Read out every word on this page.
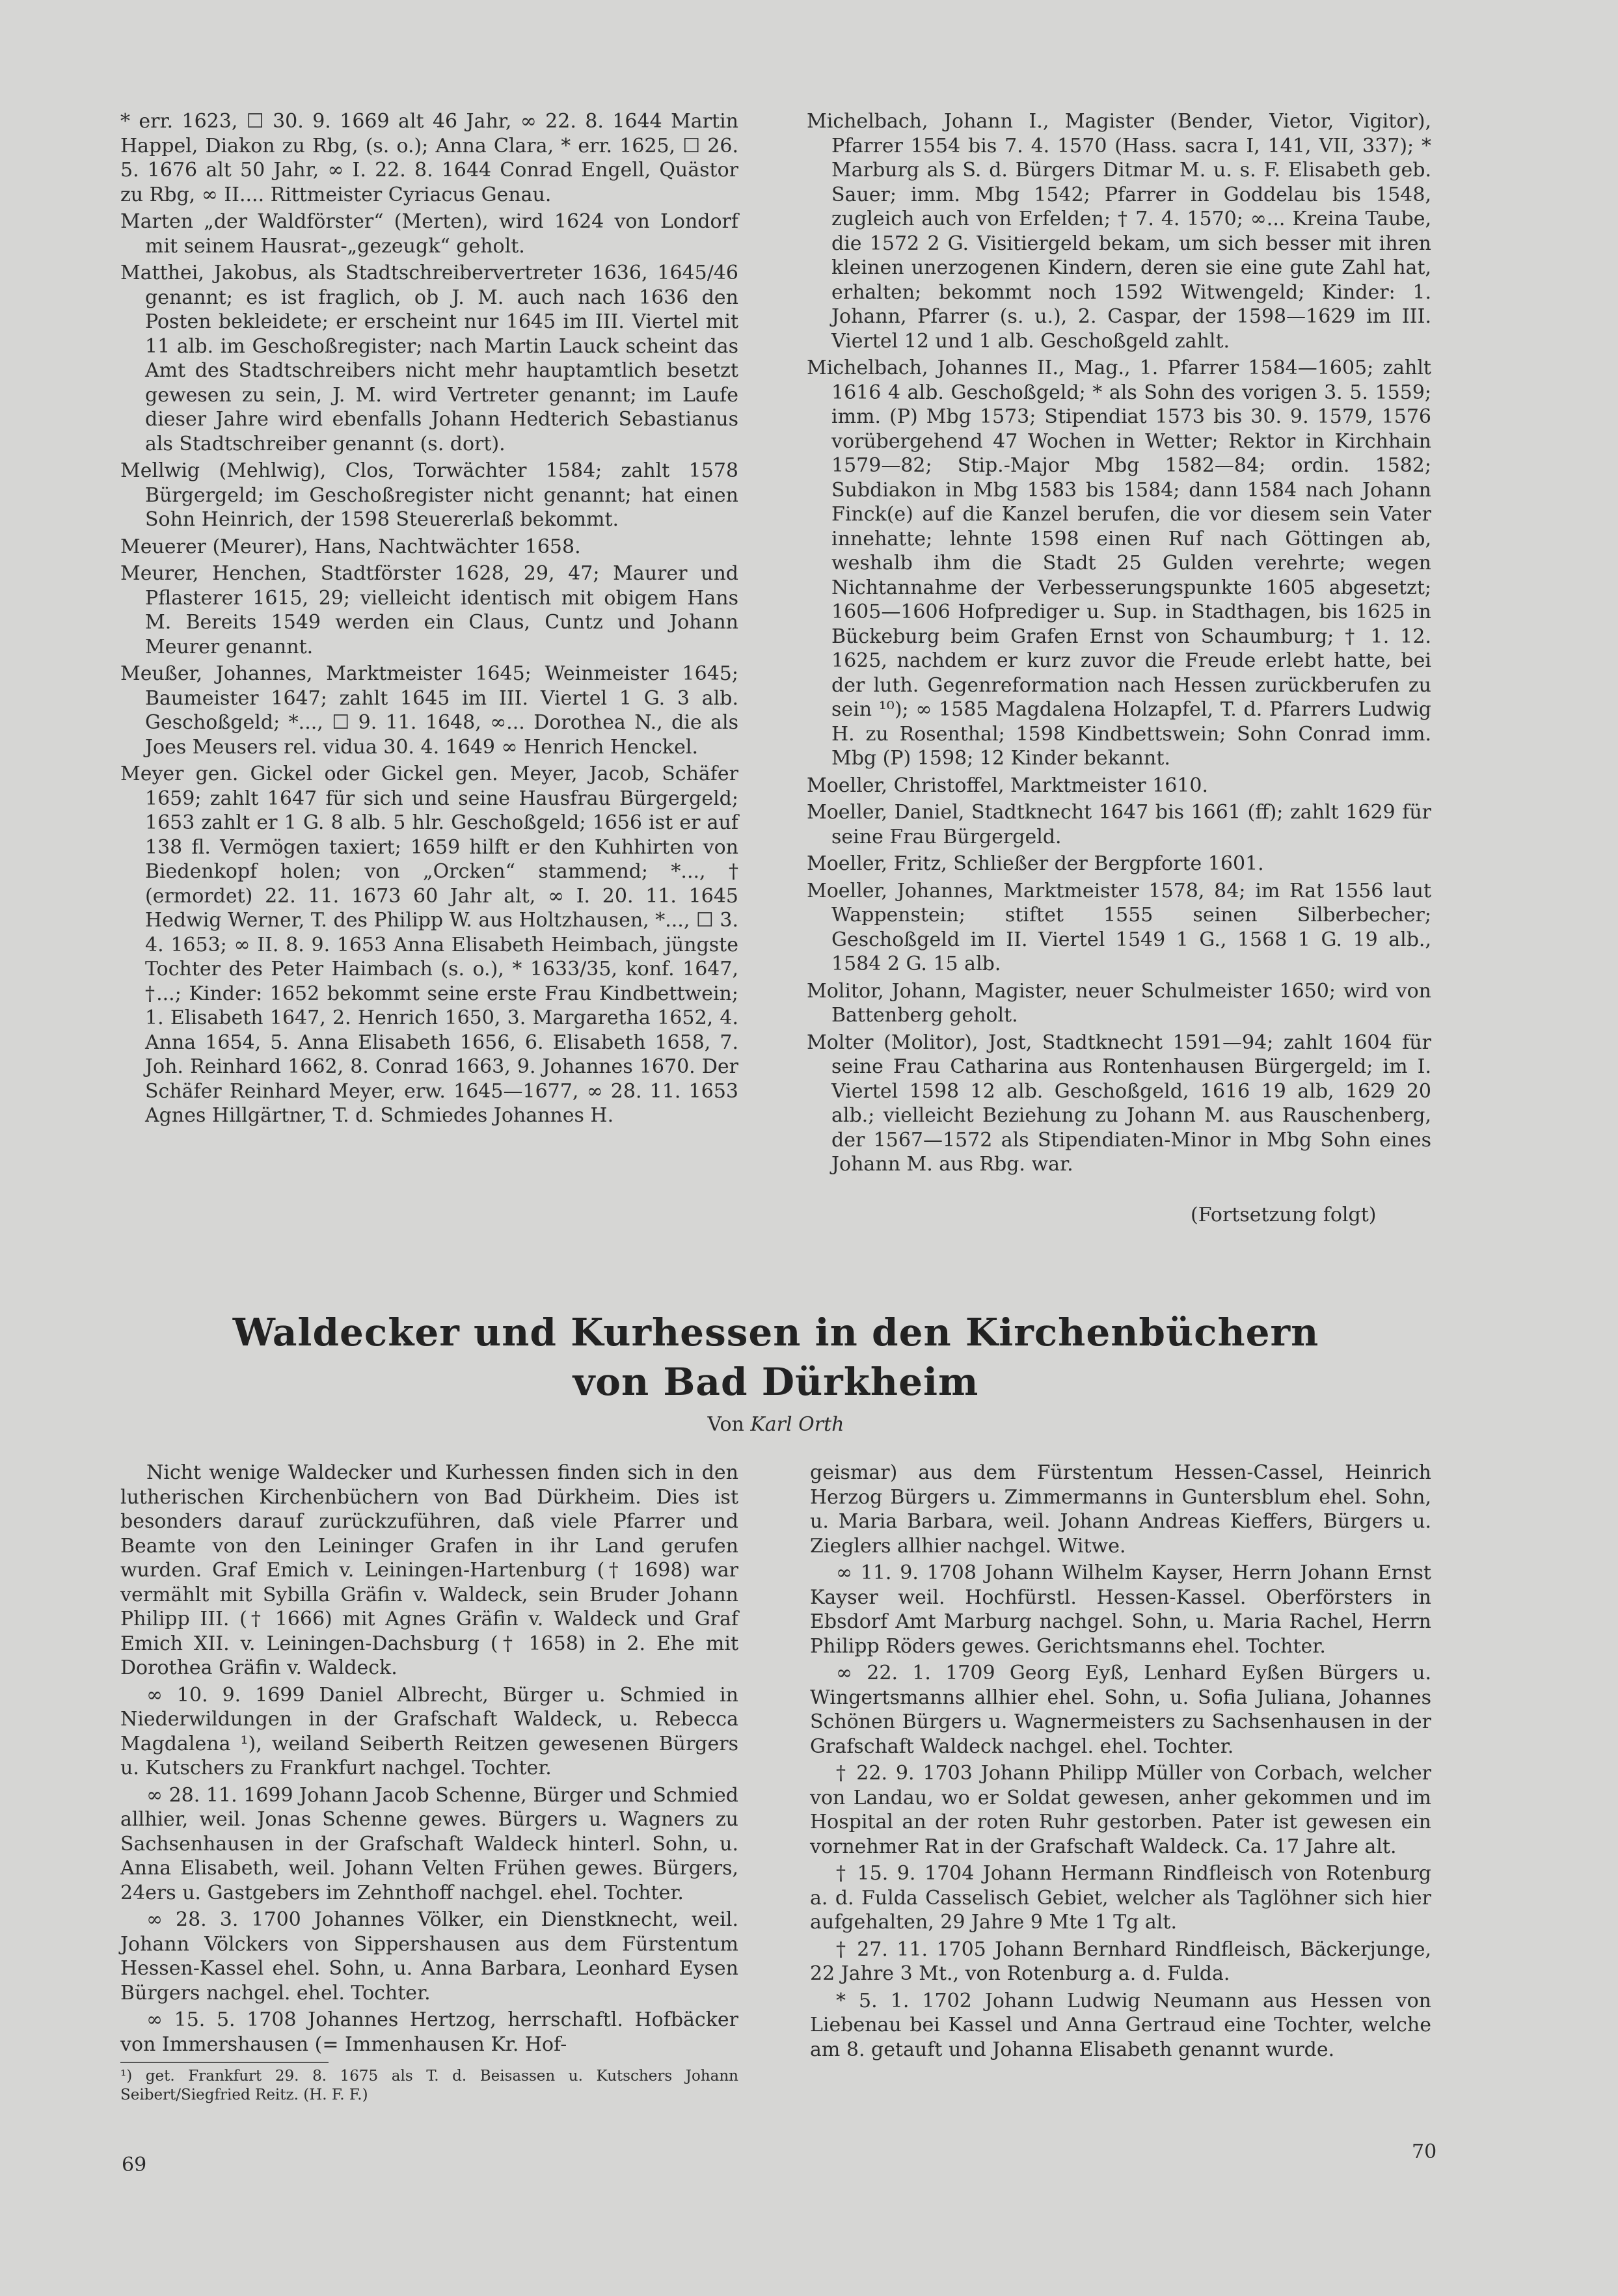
* err. 1623, ☐ 30. 9. 1669 alt 46 Jahr, ∞ 22. 8. 1644 Martin Happel, Diakon zu Rbg, (s. o.); Anna Clara, * err. 1625, ☐ 26. 5. 1676 alt 50 Jahr, ∞ I. 22. 8. 1644 Conrad Engell, Quästor zu Rbg, ∞ II.... Rittmeister Cyriacus Genau.

Marten „der Waldförster“ (Merten), wird 1624 von Londorf mit seinem Hausrat-„gezeugk“ geholt.

Matthei, Jakobus, als Stadtschreibervertreter 1636, 1645/46 genannt; es ist fraglich, ob J. M. auch nach 1636 den Posten bekleidete; er erscheint nur 1645 im III. Viertel mit 11 alb. im Geschoßregister; nach Martin Lauck scheint das Amt des Stadtschreibers nicht mehr hauptamtlich besetzt gewesen zu sein, J. M. wird Vertreter genannt; im Laufe dieser Jahre wird ebenfalls Johann Hedterich Sebastianus als Stadtschreiber genannt (s. dort).

Mellwig (Mehlwig), Clos, Torwächter 1584; zahlt 1578 Bürgergeld; im Geschoßregister nicht genannt; hat einen Sohn Heinrich, der 1598 Steuererlaß bekommt.

Meuerer (Meurer), Hans, Nachtwächter 1658.

Meurer, Henchen, Stadtförster 1628, 29, 47; Maurer und Pflasterer 1615, 29; vielleicht identisch mit obigem Hans M. Bereits 1549 werden ein Claus, Cuntz und Johann Meurer genannt.

Meußer, Johannes, Marktmeister 1645; Weinmeister 1645; Baumeister 1647; zahlt 1645 im III. Viertel 1 G. 3 alb. Geschoßgeld; *..., ☐ 9. 11. 1648, ∞... Dorothea N., die als Joes Meusers rel. vidua 30. 4. 1649 ∞ Henrich Henckel.

Meyer gen. Gickel oder Gickel gen. Meyer, Jacob, Schäfer 1659; zahlt 1647 für sich und seine Hausfrau Bürgergeld; 1653 zahlt er 1 G. 8 alb. 5 hlr. Geschoßgeld; 1656 ist er auf 138 fl. Vermögen taxiert; 1659 hilft er den Kuhhirten von Biedenkopf holen; von „Orcken“ stammend; *..., † (ermordet) 22. 11. 1673 60 Jahr alt, ∞ I. 20. 11. 1645 Hedwig Werner, T. des Philipp W. aus Holtzhausen, *..., ☐ 3. 4. 1653; ∞ II. 8. 9. 1653 Anna Elisabeth Heimbach, jüngste Tochter des Peter Haimbach (s. o.), * 1633/35, konf. 1647, †...; Kinder: 1652 bekommt seine erste Frau Kindbettwein; 1. Elisabeth 1647, 2. Henrich 1650, 3. Margaretha 1652, 4. Anna 1654, 5. Anna Elisabeth 1656, 6. Elisabeth 1658, 7. Joh. Reinhard 1662, 8. Conrad 1663, 9. Johannes 1670. Der Schäfer Reinhard Meyer, erw. 1645—1677, ∞ 28. 11. 1653 Agnes Hillgärtner, T. d. Schmiedes Johannes H.

Michelbach, Johann I., Magister (Bender, Vietor, Vigitor), Pfarrer 1554 bis 7. 4. 1570 (Hass. sacra I, 141, VII, 337); * Marburg als S. d. Bürgers Ditmar M. u. s. F. Elisabeth geb. Sauer; imm. Mbg 1542; Pfarrer in Goddelau bis 1548, zugleich auch von Erfelden; † 7. 4. 1570; ∞... Kreina Taube, die 1572 2 G. Visitiergeld bekam, um sich besser mit ihren kleinen unerzogenen Kindern, deren sie eine gute Zahl hat, erhalten; bekommt noch 1592 Witwengeld; Kinder: 1. Johann, Pfarrer (s. u.), 2. Caspar, der 1598—1629 im III. Viertel 12 und 1 alb. Geschoßgeld zahlt.

Michelbach, Johannes II., Mag., 1. Pfarrer 1584—1605; zahlt 1616 4 alb. Geschoßgeld; * als Sohn des vorigen 3. 5. 1559; imm. (P) Mbg 1573; Stipendiat 1573 bis 30. 9. 1579, 1576 vorübergehend 47 Wochen in Wetter; Rektor in Kirchhain 1579—82; Stip.-Major Mbg 1582—84; ordin. 1582; Subdiakon in Mbg 1583 bis 1584; dann 1584 nach Johann Finck(e) auf die Kanzel berufen, die vor diesem sein Vater innehatte; lehnte 1598 einen Ruf nach Göttingen ab, weshalb ihm die Stadt 25 Gulden verehrte; wegen Nichtannahme der Verbesserungspunkte 1605 abgesetzt; 1605—1606 Hofprediger u. Sup. in Stadthagen, bis 1625 in Bückeburg beim Grafen Ernst von Schaumburg; † 1. 12. 1625, nachdem er kurz zuvor die Freude erlebt hatte, bei der luth. Gegenreformation nach Hessen zurückberufen zu sein ¹⁰); ∞ 1585 Magdalena Holzapfel, T. d. Pfarrers Ludwig H. zu Rosenthal; 1598 Kindbettswein; Sohn Conrad imm. Mbg (P) 1598; 12 Kinder bekannt.

Moeller, Christoffel, Marktmeister 1610.

Moeller, Daniel, Stadtknecht 1647 bis 1661 (ff); zahlt 1629 für seine Frau Bürgergeld.

Moeller, Fritz, Schließer der Bergpforte 1601.

Moeller, Johannes, Marktmeister 1578, 84; im Rat 1556 laut Wappenstein; stiftet 1555 seinen Silberbecher; Geschoßgeld im II. Viertel 1549 1 G., 1568 1 G. 19 alb., 1584 2 G. 15 alb.

Molitor, Johann, Magister, neuer Schulmeister 1650; wird von Battenberg geholt.

Molter (Molitor), Jost, Stadtknecht 1591—94; zahlt 1604 für seine Frau Catharina aus Rontenhausen Bürgergeld; im I. Viertel 1598 12 alb. Geschoßgeld, 1616 19 alb, 1629 20 alb.; vielleicht Beziehung zu Johann M. aus Rauschenberg, der 1567—1572 als Stipendiaten-Minor in Mbg Sohn eines Johann M. aus Rbg. war.

(Fortsetzung folgt)
Waldecker und Kurhessen in den Kirchenbüchern
von Bad Dürkheim
Von Karl Orth

Nicht wenige Waldecker und Kurhessen finden sich in den lutherischen Kirchenbüchern von Bad Dürkheim. Dies ist besonders darauf zurückzuführen, daß viele Pfarrer und Beamte von den Leininger Grafen in ihr Land gerufen wurden. Graf Emich v. Leiningen-Hartenburg († 1698) war vermählt mit Sybilla Gräfin v. Waldeck, sein Bruder Johann Philipp III. († 1666) mit Agnes Gräfin v. Waldeck und Graf Emich XII. v. Leiningen-Dachsburg († 1658) in 2. Ehe mit Dorothea Gräfin v. Waldeck.

∞ 10. 9. 1699 Daniel Albrecht, Bürger u. Schmied in Niederwildungen in der Grafschaft Waldeck, u. Rebecca Magdalena ¹), weiland Seiberth Reitzen gewesenen Bürgers u. Kutschers zu Frankfurt nachgel. Tochter.

∞ 28. 11. 1699 Johann Jacob Schenne, Bürger und Schmied allhier, weil. Jonas Schenne gewes. Bürgers u. Wagners zu Sachsenhausen in der Grafschaft Waldeck hinterl. Sohn, u. Anna Elisabeth, weil. Johann Velten Frühen gewes. Bürgers, 24ers u. Gastgebers im Zehnthoff nachgel. ehel. Tochter.

∞ 28. 3. 1700 Johannes Völker, ein Dienstknecht, weil. Johann Völckers von Sippershausen aus dem Fürstentum Hessen-Kassel ehel. Sohn, u. Anna Barbara, Leonhard Eysen Bürgers nachgel. ehel. Tochter.

∞ 15. 5. 1708 Johannes Hertzog, herrschaftl. Hofbäcker von Immershausen (= Immenhausen Kr. Hof-

¹) get. Frankfurt 29. 8. 1675 als T. d. Beisassen u. Kutschers Johann Seibert/Siegfried Reitz. (H. F. F.)

geismar) aus dem Fürstentum Hessen-Cassel, Heinrich Herzog Bürgers u. Zimmermanns in Guntersblum ehel. Sohn, u. Maria Barbara, weil. Johann Andreas Kieffers, Bürgers u. Zieglers allhier nachgel. Witwe.

∞ 11. 9. 1708 Johann Wilhelm Kayser, Herrn Johann Ernst Kayser weil. Hochfürstl. Hessen-Kassel. Oberförsters in Ebsdorf Amt Marburg nachgel. Sohn, u. Maria Rachel, Herrn Philipp Röders gewes. Gerichtsmanns ehel. Tochter.

∞ 22. 1. 1709 Georg Eyß, Lenhard Eyßen Bürgers u. Wingertsmanns allhier ehel. Sohn, u. Sofia Juliana, Johannes Schönen Bürgers u. Wagnermeisters zu Sachsenhausen in der Grafschaft Waldeck nachgel. ehel. Tochter.

† 22. 9. 1703 Johann Philipp Müller von Corbach, welcher von Landau, wo er Soldat gewesen, anher gekommen und im Hospital an der roten Ruhr gestorben. Pater ist gewesen ein vornehmer Rat in der Grafschaft Waldeck. Ca. 17 Jahre alt.

† 15. 9. 1704 Johann Hermann Rindfleisch von Rotenburg a. d. Fulda Casselisch Gebiet, welcher als Taglöhner sich hier aufgehalten, 29 Jahre 9 Mte 1 Tg alt.

† 27. 11. 1705 Johann Bernhard Rindfleisch, Bäckerjunge, 22 Jahre 3 Mt., von Rotenburg a. d. Fulda.

* 5. 1. 1702 Johann Ludwig Neumann aus Hessen von Liebenau bei Kassel und Anna Gertraud eine Tochter, welche am 8. getauft und Johanna Elisabeth genannt wurde.

69
70
